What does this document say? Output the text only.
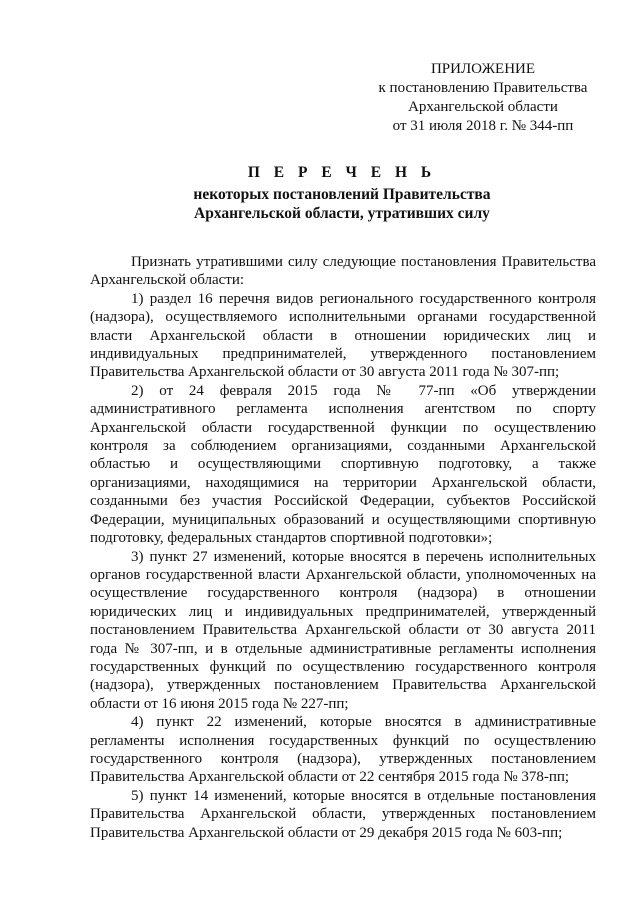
ПРИЛОЖЕНИЕ
к постановлению Правительства
Архангельской области
от 31 июля 2018 г. № 344-пп
П Е Р Е Ч Е Н Ь
некоторых постановлений Правительства
Архангельской области, утративших силу

Признать утратившими силу следующие постановления Правительства Архангельской области:

1) раздел 16 перечня видов регионального государственного контроля (надзора), осуществляемого исполнительными органами государственной власти Архангельской области в отношении юридических лиц и индивидуальных предпринимателей, утвержденного постановлением Правительства Архангельской области от 30 августа 2011 года № 307-пп;

2) от 24 февраля 2015 года № 77-пп «Об утверждении административного регламента исполнения агентством по спорту Архангельской области государственной функции по осуществлению контроля за соблюдением организациями, созданными Архангельской областью и осуществляющими спортивную подготовку, а также организациями, находящимися на территории Архангельской области, созданными без участия Российской Федерации, субъектов Российской Федерации, муниципальных образований и осуществляющими спортивную подготовку, федеральных стандартов спортивной подготовки»;

3) пункт 27 изменений, которые вносятся в перечень исполнительных органов государственной власти Архангельской области, уполномоченных на осуществление государственного контроля (надзора) в отношении юридических лиц и индивидуальных предпринимателей, утвержденный постановлением Правительства Архангельской области от 30 августа 2011 года № 307-пп, и в отдельные административные регламенты исполнения государственных функций по осуществлению государственного контроля (надзора), утвержденных постановлением Правительства Архангельской области от 16 июня 2015 года № 227-пп;

4) пункт 22 изменений, которые вносятся в административные регламенты исполнения государственных функций по осуществлению государственного контроля (надзора), утвержденных постановлением Правительства Архангельской области от 22 сентября 2015 года № 378-пп;

5) пункт 14 изменений, которые вносятся в отдельные постановления Правительства Архангельской области, утвержденных постановлением Правительства Архангельской области от 29 декабря 2015 года № 603-пп;
